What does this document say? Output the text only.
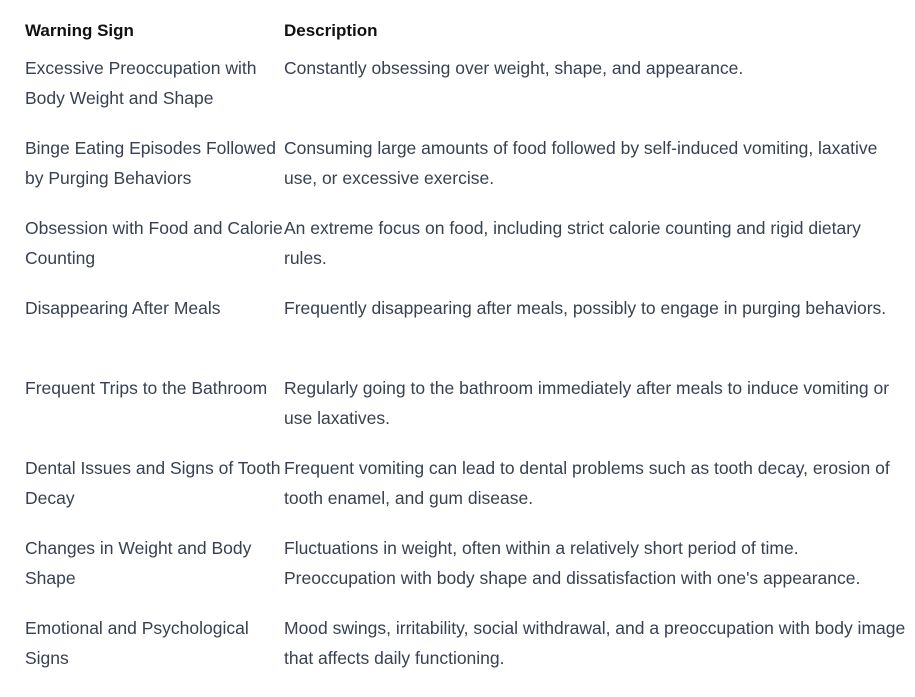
Warning Sign	Description
Excessive Preoccupation with Body Weight and Shape
Constantly obsessing over weight, shape, and appearance.
Binge Eating Episodes Followed by Purging Behaviors
Consuming large amounts of food followed by self-induced vomiting, laxative use, or excessive exercise.
Obsession with Food and Calorie Counting
An extreme focus on food, including strict calorie counting and rigid dietary rules.
Disappearing After Meals	Frequently disappearing after meals, possibly to engage in purging behaviors.
Frequent Trips to the Bathroom Regularly going to the bathroom immediately after meals to induce vomiting or use laxatives.
Dental Issues and Signs of Tooth Decay
Frequent vomiting can lead to dental problems such as tooth decay, erosion of tooth enamel, and gum disease.
Changes in Weight and Body Shape
Fluctuations in weight, often within a relatively short period of time. Preoccupation with body shape and dissatisfaction with one's appearance.
Emotional and Psychological Signs
Mood swings, irritability, social withdrawal, and a preoccupation with body image that affects daily functioning.
